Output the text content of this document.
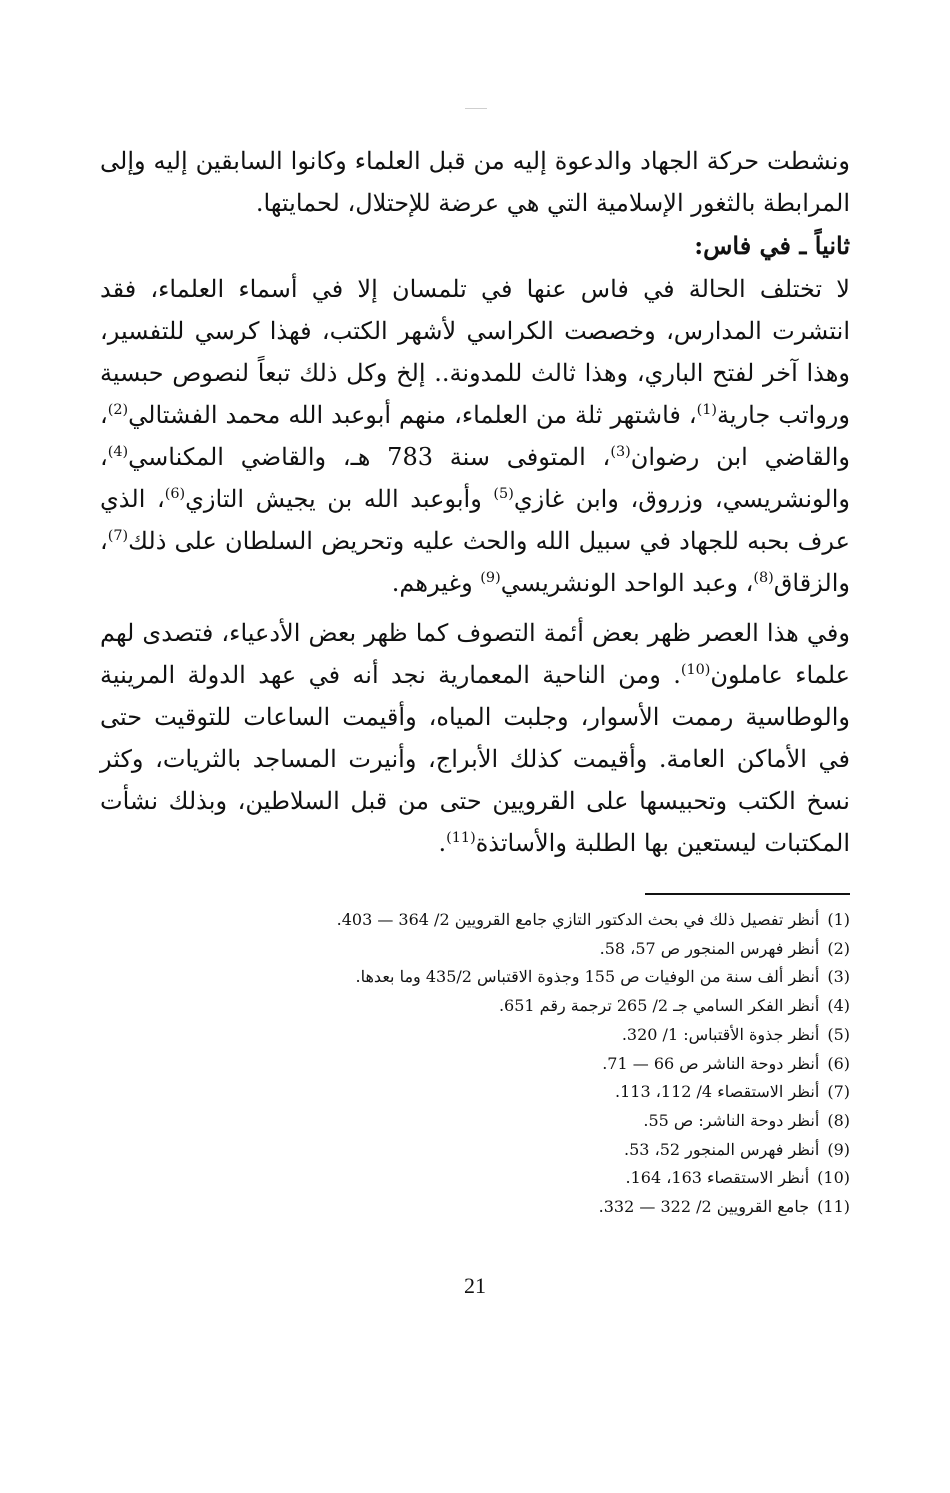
ونشطت حركة الجهاد والدعوة إليه من قبل العلماء وكانوا السابقين إليه وإلى المرابطة بالثغور الإسلامية التي هي عرضة للإحتلال، لحمايتها.

ثانياً ـ في فاس:

لا تختلف الحالة في فاس عنها في تلمسان إلا في أسماء العلماء، فقد انتشرت المدارس، وخصصت الكراسي لأشهر الكتب، فهذا كرسي للتفسير، وهذا آخر لفتح الباري، وهذا ثالث للمدونة.. إلخ وكل ذلك تبعاً لنصوص حبسية ورواتب جارية$^{(1)}$، فاشتهر ثلة من العلماء، منهم أبوعبد الله محمد الفشتالي$^{(2)}$، والقاضي ابن رضوان$^{(3)}$، المتوفى سنة 783 هـ، والقاضي المكناسي$^{(4)}$، والونشريسي، وزروق، وابن غازي$^{(5)}$ وأبوعبد الله بن يجيش التازي$^{(6)}$، الذي عرف بحبه للجهاد في سبيل الله والحث عليه وتحريض السلطان على ذلك$^{(7)}$، والزقاق$^{(8)}$، وعبد الواحد الونشريسي$^{(9)}$ وغيرهم.

وفي هذا العصر ظهر بعض أئمة التصوف كما ظهر بعض الأدعياء، فتصدى لهم علماء عاملون$^{(10)}$. ومن الناحية المعمارية نجد أنه في عهد الدولة المرينية والوطاسية رممت الأسوار، وجلبت المياه، وأقيمت الساعات للتوقيت حتى في الأماكن العامة. وأقيمت كذلك الأبراج، وأنيرت المساجد بالثريات، وكثر نسخ الكتب وتحبيسها على القرويين حتى من قبل السلاطين، وبذلك نشأت المكتبات ليستعين بها الطلبة والأساتذة$^{(11)}$.

(1)أنظر تفصيل ذلك في بحث الدكتور التازي جامع القرويين 2/ 364 — 403.
(2)أنظر فهرس المنجور ص 57، 58.
(3)أنظر ألف سنة من الوفيات ص 155 وجذوة الاقتباس 435/2 وما بعدها.
(4)أنظر الفكر السامي جـ 2/ 265 ترجمة رقم 651.
(5)أنظر جذوة الأقتباس: 1/ 320.
(6)أنظر دوحة الناشر ص 66 — 71.
(7)أنظر الاستقصاء 4/ 112، 113.
(8)أنظر دوحة الناشر: ص 55.
(9)أنظر فهرس المنجور 52، 53.
(10)أنظر الاستقصاء 163، 164.
(11)جامع القرويين 2/ 322 — 332.
21
